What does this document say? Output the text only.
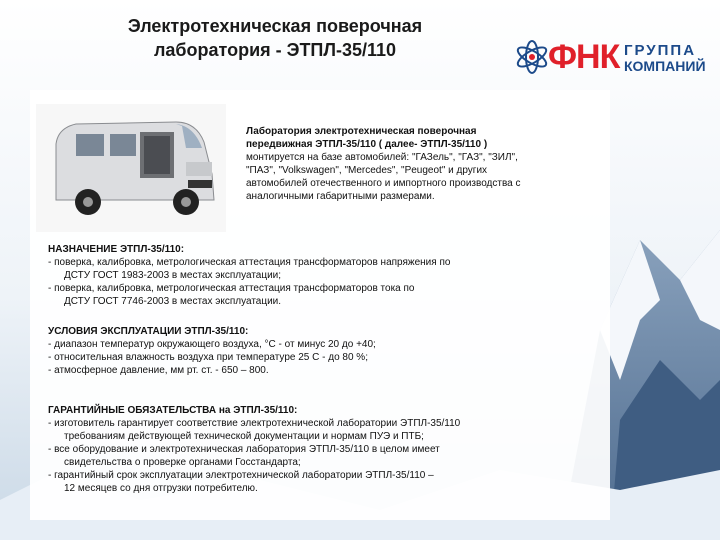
Электротехническая поверочная
лаборатория - ЭТПЛ-35/110	ФНК ГРУППА
КОМПАНИЙ
Лаборатория электротехническая поверочная
передвижная ЭТПЛ-35/110 ( далее- ЭТПЛ-35/110 )
монтируется на базе автомобилей: "ГАЗель", "ГАЗ", "ЗИЛ",
"ПАЗ", "Volkswagen", "Mercedes", "Peugeot" и других
автомобилей отечественного и импортного производства с
аналогичными габаритными размерами.
НАЗНАЧЕНИЕ ЭТПЛ-35/110:
- поверка, калибровка, метрологическая аттестация трансформаторов напряжения по
ДСТУ ГОСТ 1983-2003 в местах эксплуатации;
- поверка, калибровка, метрологическая аттестация трансформаторов тока по
ДСТУ ГОСТ 7746-2003 в местах эксплуатации.
УСЛОВИЯ ЭКСПЛУАТАЦИИ ЭТПЛ-35/110:
- диапазон температур окружающего воздуха, °С - от минус 20 до +40;
- относительная влажность воздуха при температуре 25 С - до 80 %;
- атмосферное давление, мм рт. ст. - 650 – 800.
ГАРАНТИЙНЫЕ ОБЯЗАТЕЛЬСТВА на ЭТПЛ-35/110:
- изготовитель гарантирует соответствие электротехнической лаборатории ЭТПЛ-35/110
требованиям действующей технической документации и нормам ПУЭ и ПТБ;
- все оборудование и электротехническая лаборатория ЭТПЛ-35/110 в целом имеет
свидетельства о проверке органами Госстандарта;
- гарантийный срок эксплуатации электротехнической лаборатории ЭТПЛ-35/110 –
12 месяцев со дня отгрузки потребителю.
